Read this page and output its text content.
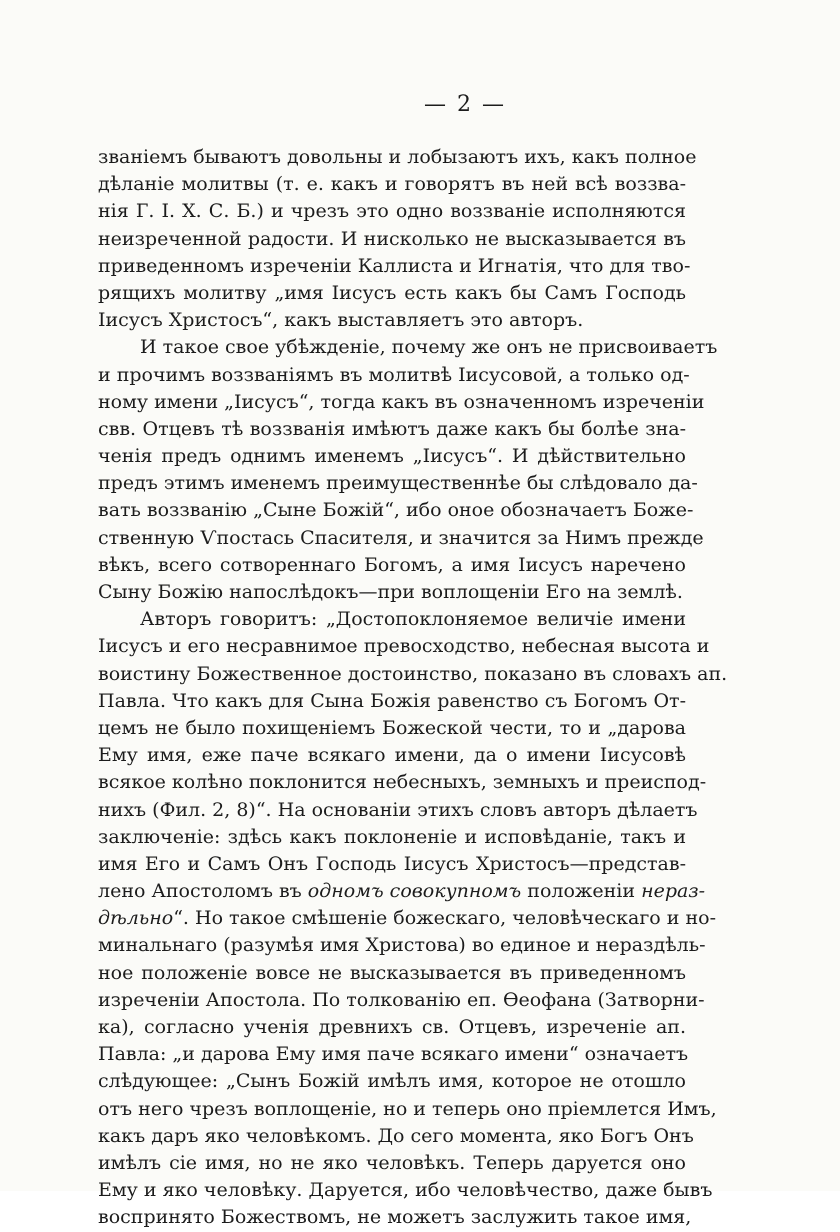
— 2 —
званіемъ бываютъ довольны и лобызаютъ ихъ, какъ полное
дѣланіе молитвы (т. е. какъ и говорятъ въ ней всѣ воззва-
нія Г. І. Х. С. Б.) и чрезъ это одно воззваніе исполняются
неизреченной радости. И нисколько не высказывается въ
приведенномъ изреченіи Каллиста и Игнатія, что для тво-
рящихъ молитву „имя Іисусъ есть какъ бы Самъ Господь
Іисусъ Христосъ“, какъ выставляетъ это авторъ.
И такое свое убѣжденіе, почему же онъ не присвоиваетъ
и прочимъ воззваніямъ въ молитвѣ Іисусовой, а только од-
ному имени „Іисусъ“, тогда какъ въ означенномъ изреченіи
свв. Отцевъ тѣ воззванія имѣютъ даже какъ бы болѣе зна-
ченія предъ однимъ именемъ „Іисусъ“. И дѣйствительно
предъ этимъ именемъ преимущественнѣе бы слѣдовало да-
вать воззванію „Сыне Божій“, ибо оное обозначаетъ Боже-
ственную Ѵпостась Спасителя, и значится за Нимъ прежде
вѣкъ, всего сотвореннаго Богомъ, а имя Іисусъ наречено
Сыну Божію напослѣдокъ—при воплощеніи Его на землѣ.
Авторъ говоритъ: „Достопоклоняемое величіе имени
Іисусъ и его несравнимое превосходство, небесная высота и
воистину Божественное достоинство, показано въ словахъ ап.
Павла. Что какъ для Сына Божія равенство съ Богомъ От-
цемъ не было похищеніемъ Божеской чести, то и „дарова
Ему имя, еже паче всякаго имени, да о имени Іисусовѣ
всякое колѣно поклонится небесныхъ, земныхъ и преиспод-
нихъ (Фил. 2, 8)“. На основаніи этихъ словъ авторъ дѣлаетъ
заключеніе: здѣсь какъ поклоненіе и исповѣданіе, такъ и
имя Его и Самъ Онъ Господь Іисусъ Христосъ—представ-
лено Апостоломъ въ одномъ совокупномъ положеніи нераз-
дѣльно“. Но такое смѣшеніе божескаго, человѣческаго и но-
минальнаго (разумѣя имя Христова) во единое и нераздѣль-
ное положеніе вовсе не высказывается въ приведенномъ
изреченіи Апостола. По толкованію еп. Ѳеофана (Затворни-
ка), согласно ученія древнихъ св. Отцевъ, изреченіе ап.
Павла: „и дарова Ему имя паче всякаго имени“ означаетъ
слѣдующее: „Сынъ Божій имѣлъ имя, которое не отошло
отъ него чрезъ воплощеніе, но и теперь оно пріемлется Имъ,
какъ даръ яко человѣкомъ. До сего момента, яко Богъ Онъ
имѣлъ сіе имя, но не яко человѣкъ. Теперь даруется оно
Ему и яко человѣку. Даруется, ибо человѣчество, даже бывъ
воспринято Божествомъ, не можетъ заслужить такое имя,
